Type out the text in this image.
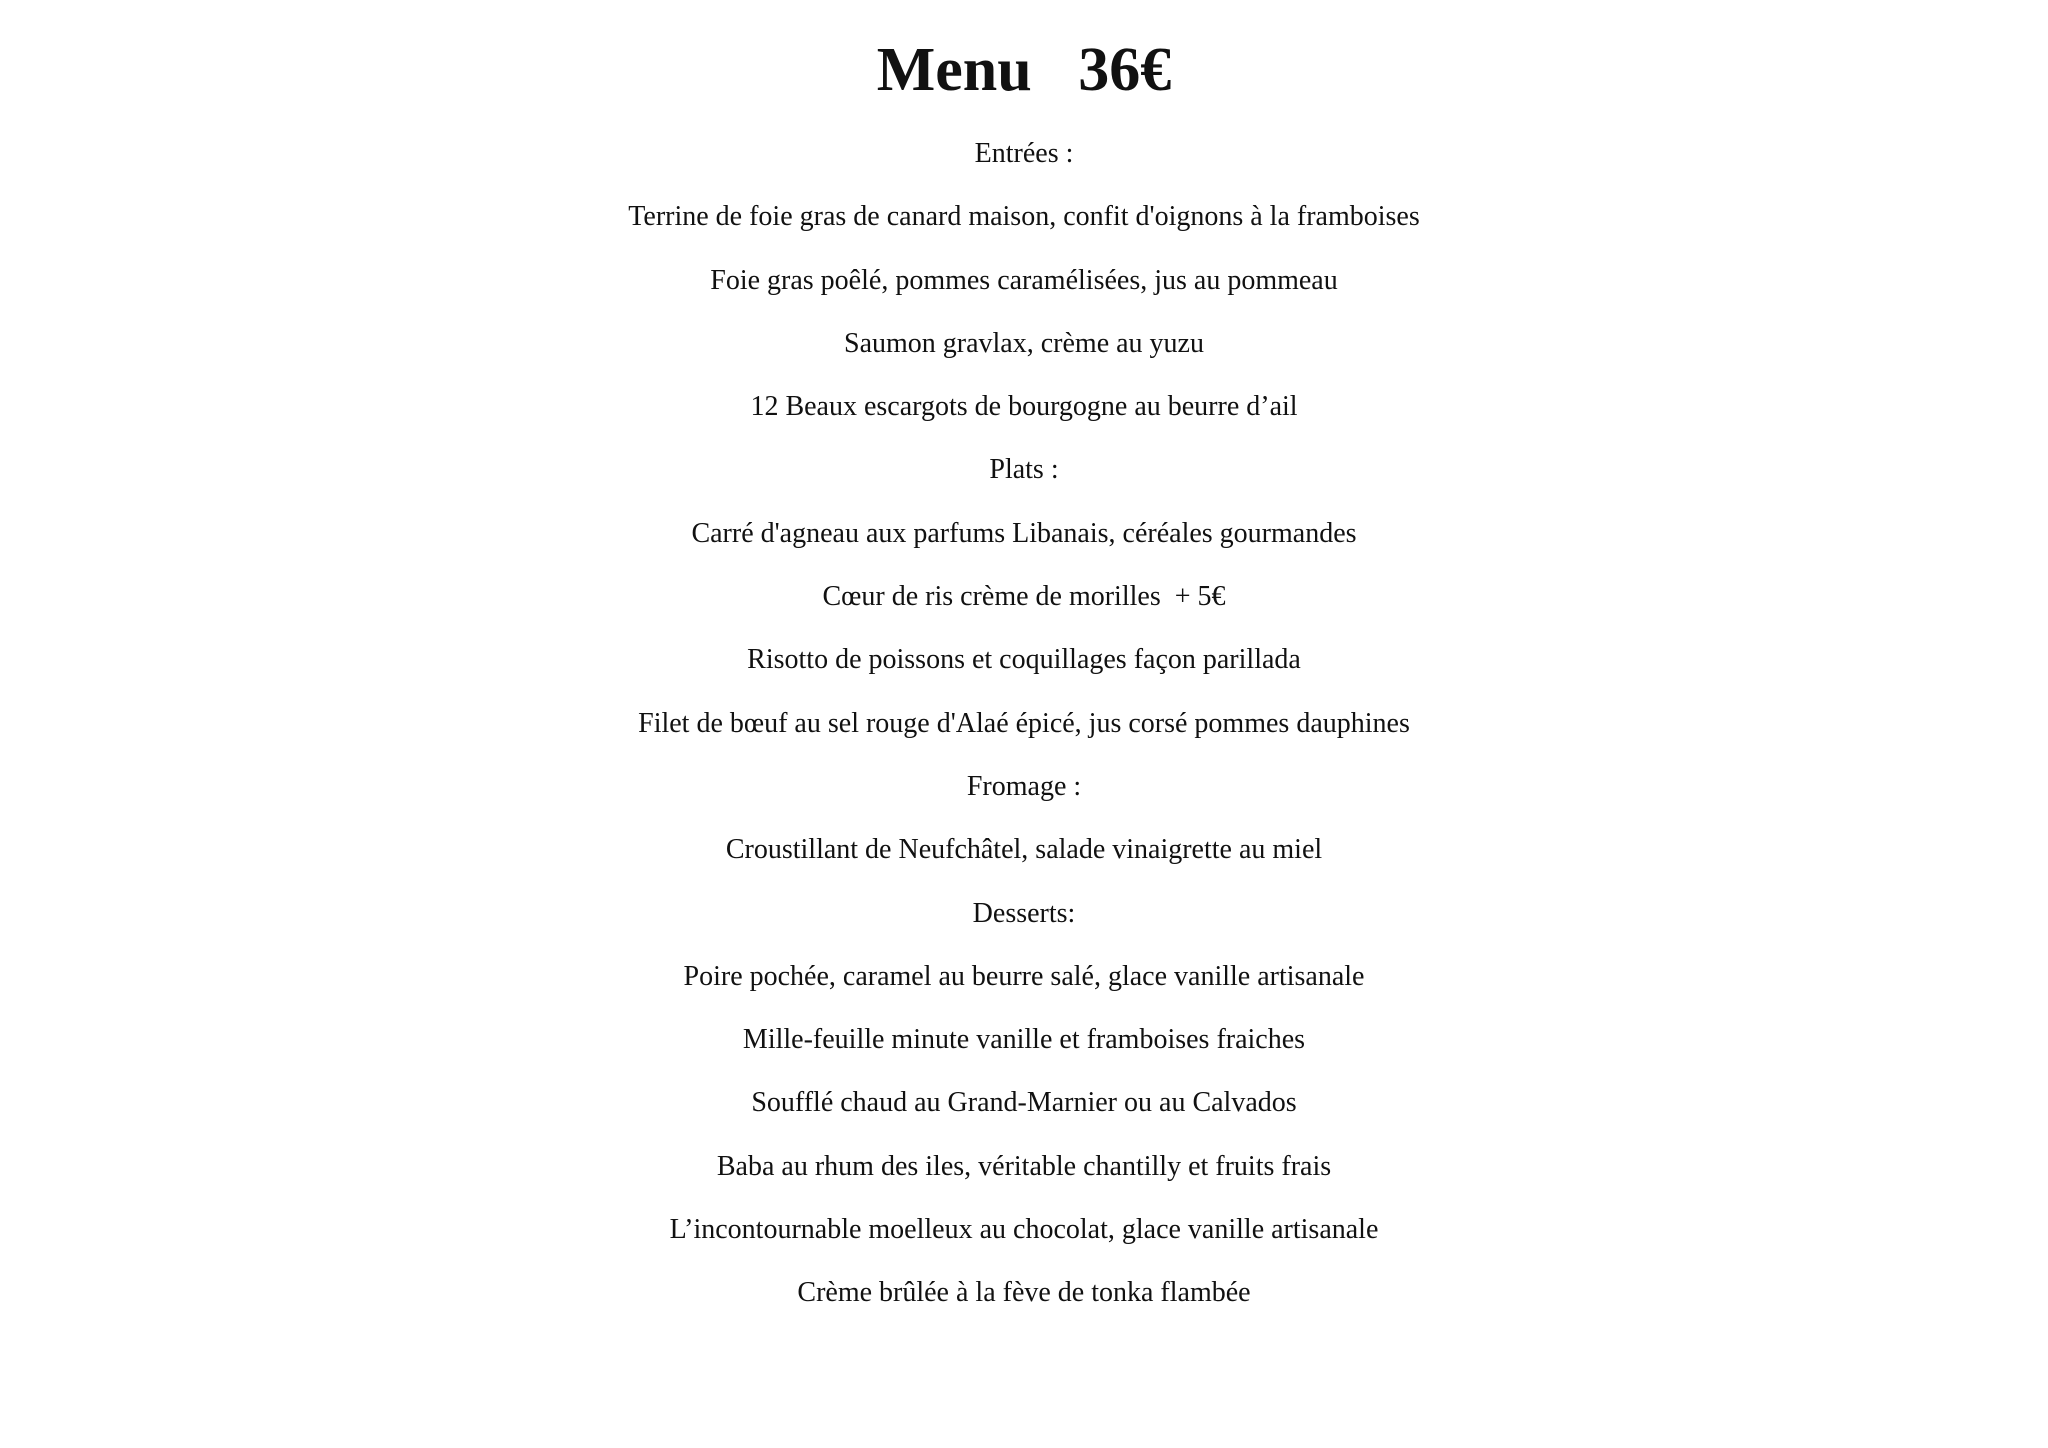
Menu   36€
Entrées :
Terrine de foie gras de canard maison, confit d'oignons à la framboises
Foie gras poêlé, pommes caramélisées, jus au pommeau
Saumon gravlax, crème au yuzu
12 Beaux escargots de bourgogne au beurre d’ail
Plats :
Carré d'agneau aux parfums Libanais, céréales gourmandes
Cœur de ris crème de morilles  + 5€
Risotto de poissons et coquillages façon parillada
Filet de bœuf au sel rouge d'Alaé épicé, jus corsé pommes dauphines
Fromage :
Croustillant de Neufchâtel, salade vinaigrette au miel
Desserts:
Poire pochée, caramel au beurre salé, glace vanille artisanale
Mille-feuille minute vanille et framboises fraiches
Soufflé chaud au Grand-Marnier ou au Calvados
Baba au rhum des iles, véritable chantilly et fruits frais
L’incontournable moelleux au chocolat, glace vanille artisanale
Crème brûlée à la fève de tonka flambée
